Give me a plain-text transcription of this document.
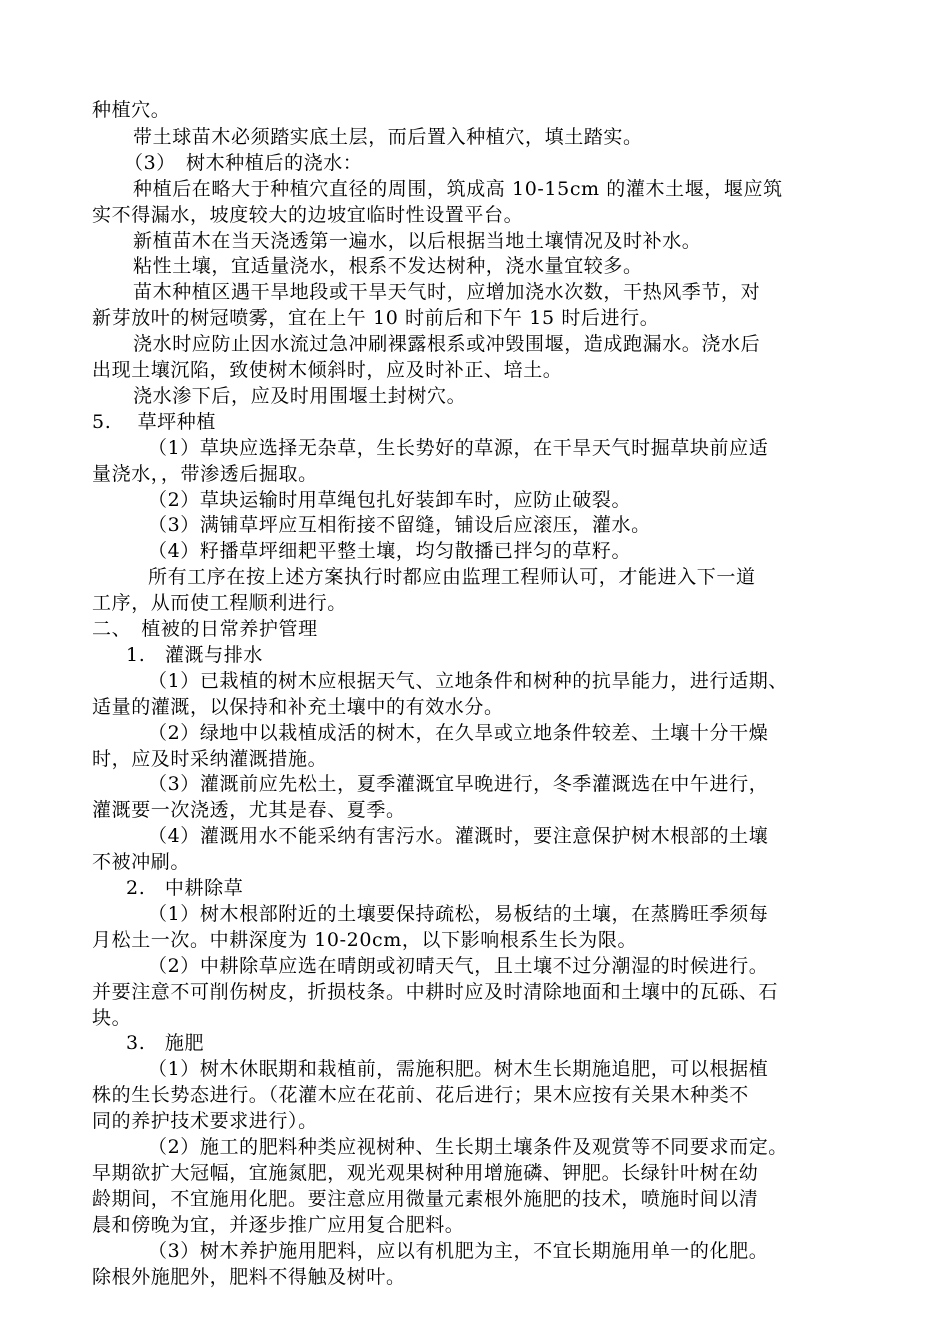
种植穴。
带土球苗木必须踏实底土层，而后置入种植穴，填土踏实。
（3）　树木种植后的浇水：
种植后在略大于种植穴直径的周围，筑成高 10-15cm 的灌木土堰，堰应筑
实不得漏水，坡度较大的边坡宜临时性设置平台。
新植苗木在当天浇透第一遍水，以后根据当地土壤情况及时补水。
粘性土壤，宜适量浇水，根系不发达树种，浇水量宜较多。
苗木种植区遇干旱地段或干旱天气时，应增加浇水次数，干热风季节，对
新芽放叶的树冠喷雾，宜在上午 10 时前后和下午 15 时后进行。
浇水时应防止因水流过急冲刷裸露根系或冲毁围堰，造成跑漏水。浇水后
出现土壤沉陷，致使树木倾斜时，应及时补正、培土。
浇水渗下后，应及时用围堰土封树穴。
5.　 草坪种植
（1）草块应选择无杂草，生长势好的草源，在干旱天气时掘草块前应适
量浇水，，带渗透后掘取。
（2）草块运输时用草绳包扎好装卸车时，应防止破裂。
（3）满铺草坪应互相衔接不留缝，铺设后应滚压，灌水。
（4）籽播草坪细耙平整土壤，均匀散播已拌匀的草籽。
所有工序在按上述方案执行时都应由监理工程师认可，才能进入下一道
工序，从而使工程顺利进行。
二、　植被的日常养护管理
1.　灌溉与排水
（1）已栽植的树木应根据天气、立地条件和树种的抗旱能力，进行适期、
适量的灌溉，以保持和补充土壤中的有效水分。
（2）绿地中以栽植成活的树木，在久旱或立地条件较差、土壤十分干燥
时，应及时采纳灌溉措施。
（3）灌溉前应先松土，夏季灌溉宜早晚进行，冬季灌溉选在中午进行，
灌溉要一次浇透，尤其是春、夏季。
（4）灌溉用水不能采纳有害污水。灌溉时，要注意保护树木根部的土壤
不被冲刷。
2.　中耕除草
（1）树木根部附近的土壤要保持疏松，易板结的土壤，在蒸腾旺季须每
月松土一次。中耕深度为 10-20cm，以下影响根系生长为限。
（2）中耕除草应选在晴朗或初晴天气，且土壤不过分潮湿的时候进行。
并要注意不可削伤树皮，折损枝条。中耕时应及时清除地面和土壤中的瓦砾、石
块。
3.　施肥
（1）树木休眠期和栽植前，需施积肥。树木生长期施追肥，可以根据植
株的生长势态进行。（花灌木应在花前、花后进行；果木应按有关果木种类不
同的养护技术要求进行）。
（2）施工的肥料种类应视树种、生长期土壤条件及观赏等不同要求而定。
早期欲扩大冠幅，宜施氮肥，观光观果树种用增施磷、钾肥。长绿针叶树在幼
龄期间，不宜施用化肥。要注意应用微量元素根外施肥的技术，喷施时间以清
晨和傍晚为宜，并逐步推广应用复合肥料。
（3）树木养护施用肥料，应以有机肥为主，不宜长期施用单一的化肥。
除根外施肥外，肥料不得触及树叶。
